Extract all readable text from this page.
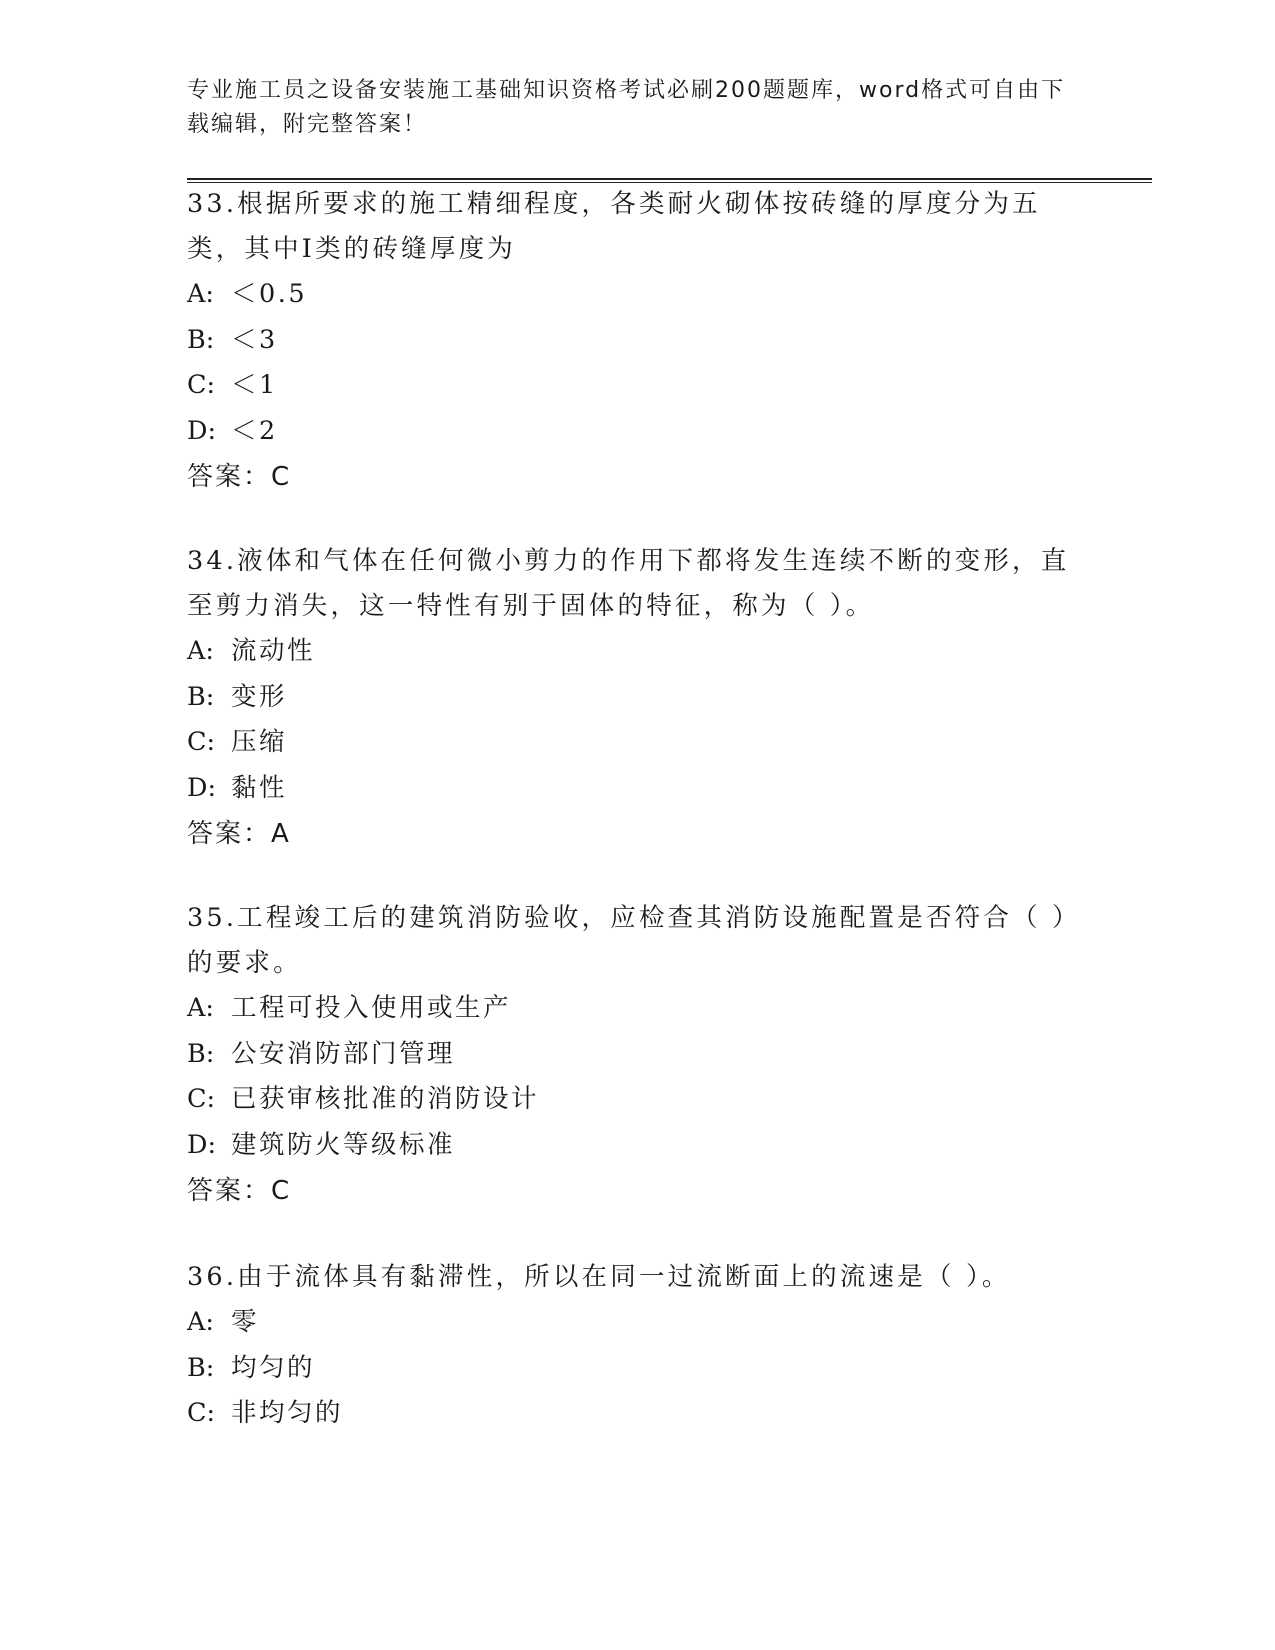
专业施工员之设备安装施工基础知识资格考试必刷200题题库，word格式可自由下载编辑，附完整答案！

33.根据所要求的施工精细程度，各类耐火砌体按砖缝的厚度分为五类，其中Ⅰ类的砖缝厚度为

A: ＜0.5

B: ＜3

C: ＜1

D: ＜2

答案：C

34.液体和气体在任何微小剪力的作用下都将发生连续不断的变形，直至剪力消失，这一特性有别于固体的特征，称为（ ）。

A: 流动性

B: 变形

C: 压缩

D: 黏性

答案：A

35.工程竣工后的建筑消防验收，应检查其消防设施配置是否符合（ ）的要求。

A: 工程可投入使用或生产

B: 公安消防部门管理

C: 已获审核批准的消防设计

D: 建筑防火等级标准

答案：C

36.由于流体具有黏滞性，所以在同一过流断面上的流速是（ ）。

A: 零

B: 均匀的

C: 非均匀的
